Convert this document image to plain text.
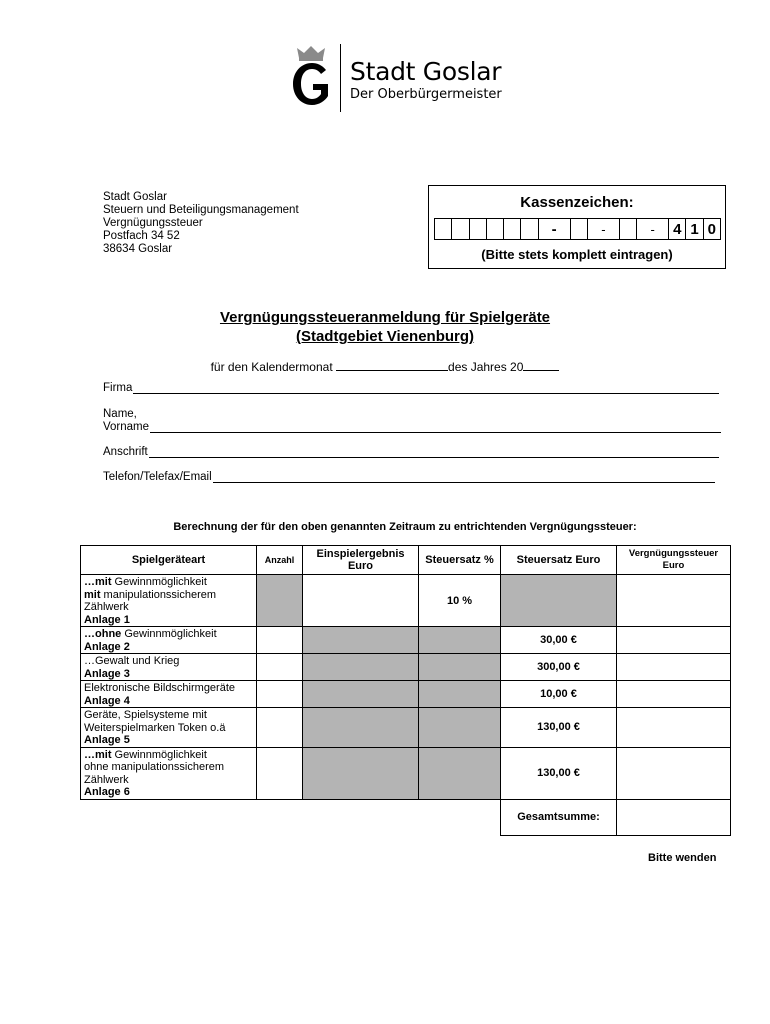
Stadt Goslar
Der Oberbürgermeister
Stadt Goslar
Steuern und Beteiligungsmanagement
Vergnügungssteuer
Postfach 34 52
38634 Goslar
Kassenzeichen:
-	-	-	4 1 0
(Bitte stets komplett eintragen)
Vergnügungssteueranmeldung für Spielgeräte
(Stadtgebiet Vienenburg)
für den Kalendermonat	des Jahres 20
Firma
Name,
Vorname
Anschrift
Telefon/Telefax/Email
Berechnung der für den oben genannten Zeitraum zu entrichtenden Vergnügungssteuer:
Spielgeräteart	Anzahl	Einspielergebnis Euro	Steuersatz %	Steuersatz Euro	Vergnügungssteuer Euro
…mit Gewinnmöglichkeit
mit manipulationssicherem
Zählwerk
Anlage 1			10 %		
…ohne Gewinnmöglichkeit
Anlage 2				30,00 €	
…Gewalt und Krieg
Anlage 3				300,00 €	
Elektronische Bildschirmgeräte
Anlage 4				10,00 €	
Geräte, Spielsysteme mit
Weiterspielmarken Token o.ä
Anlage 5				130,00 €	
…mit Gewinnmöglichkeit
ohne manipulationssicherem
Zählwerk
Anlage 6				130,00 €	
				Gesamtsumme:	
Bitte wenden
